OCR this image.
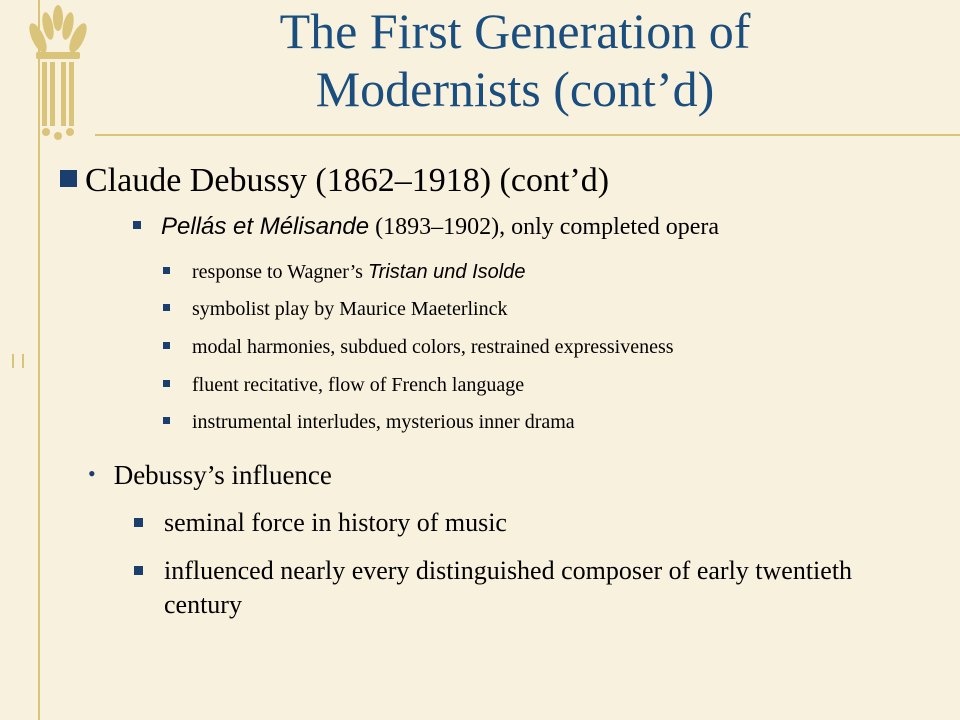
The First Generation of
Modernists (cont’d)
Claude Debussy (1862–1918) (cont’d)
Pellás et Mélisande (1893–1902), only completed opera
response to Wagner’s Tristan und Isolde
symbolist play by Maurice Maeterlinck
modal harmonies, subdued colors, restrained expressiveness
fluent recitative, flow of French language
instrumental interludes, mysterious inner drama
• Debussy’s influence
seminal force in history of music
influenced nearly every distinguished composer of early twentieth century
